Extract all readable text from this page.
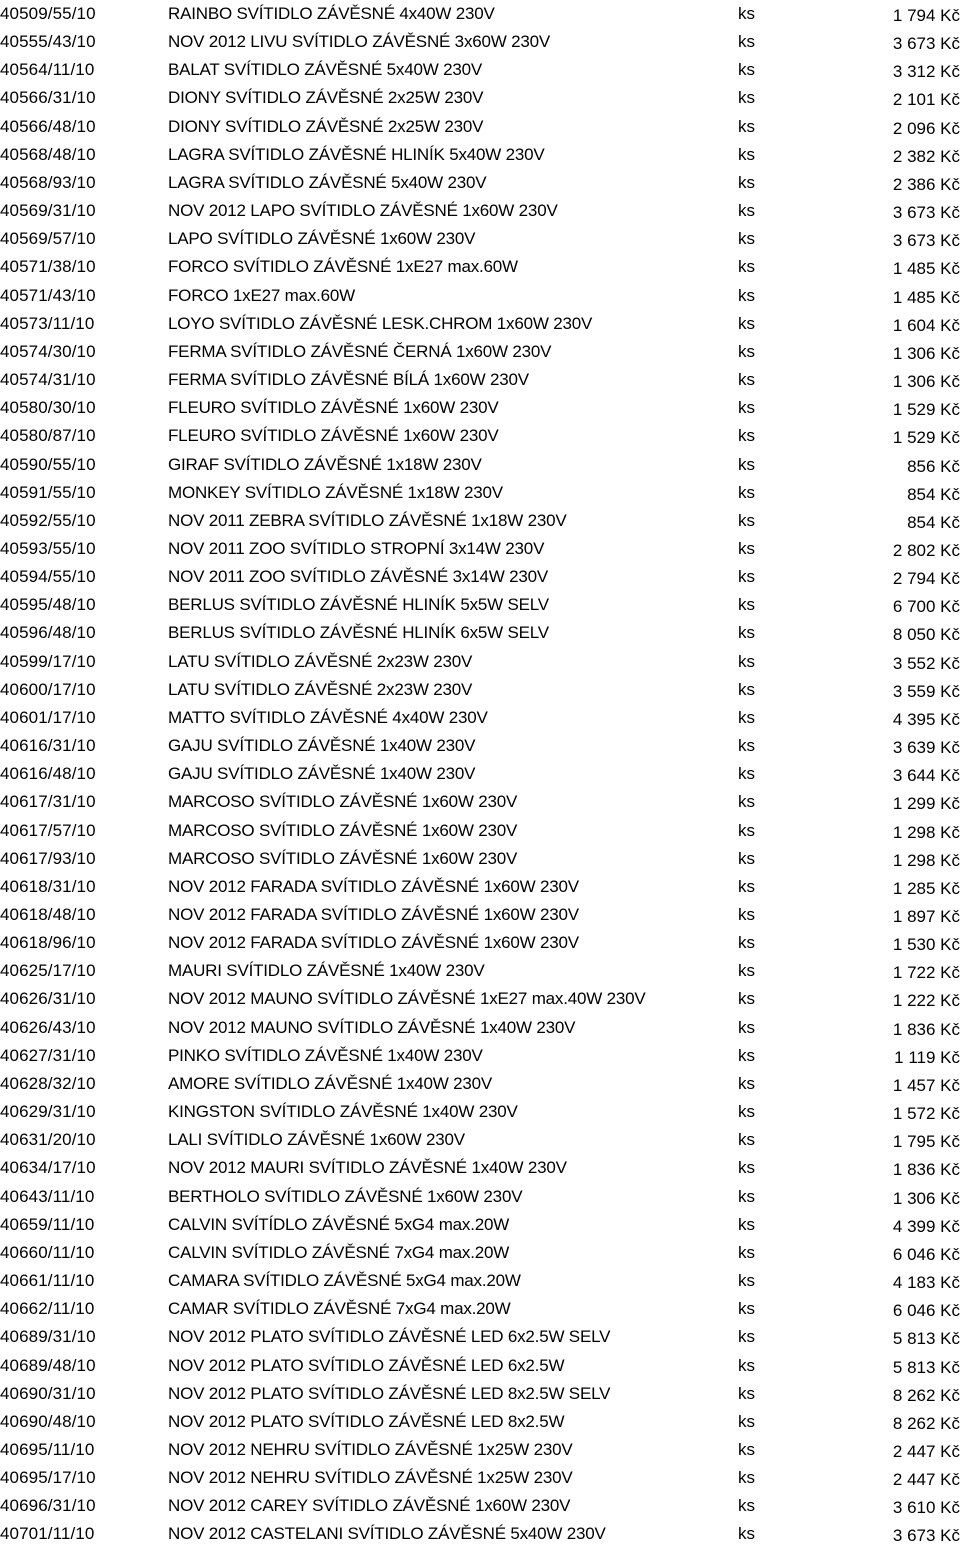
40509/55/10	RAINBO SVÍTIDLO ZÁVĚSNÉ 4x40W 230V	ks	1 794 Kč
40555/43/10	NOV 2012 LIVU SVÍTIDLO ZÁVĚSNÉ 3x60W 230V	ks	3 673 Kč
40564/11/10	BALAT SVÍTIDLO ZÁVĚSNÉ 5x40W 230V	ks	3 312 Kč
40566/31/10	DIONY SVÍTIDLO ZÁVĚSNÉ 2x25W 230V	ks	2 101 Kč
40566/48/10	DIONY SVÍTIDLO ZÁVĚSNÉ 2x25W 230V	ks	2 096 Kč
40568/48/10	LAGRA SVÍTIDLO ZÁVĚSNÉ HLINÍK 5x40W 230V	ks	2 382 Kč
40568/93/10	LAGRA SVÍTIDLO ZÁVĚSNÉ 5x40W 230V	ks	2 386 Kč
40569/31/10	NOV 2012 LAPO SVÍTIDLO ZÁVĚSNÉ 1x60W 230V	ks	3 673 Kč
40569/57/10	LAPO SVÍTIDLO ZÁVĚSNÉ 1x60W 230V	ks	3 673 Kč
40571/38/10	FORCO SVÍTIDLO ZÁVĚSNÉ 1xE27 max.60W	ks	1 485 Kč
40571/43/10	FORCO 1xE27 max.60W	ks	1 485 Kč
40573/11/10	LOYO SVÍTIDLO ZÁVĚSNÉ LESK.CHROM 1x60W 230V	ks	1 604 Kč
40574/30/10	FERMA SVÍTIDLO ZÁVĚSNÉ ČERNÁ 1x60W 230V	ks	1 306 Kč
40574/31/10	FERMA SVÍTIDLO ZÁVĚSNÉ BÍLÁ 1x60W 230V	ks	1 306 Kč
40580/30/10	FLEURO SVÍTIDLO ZÁVĚSNÉ 1x60W 230V	ks	1 529 Kč
40580/87/10	FLEURO SVÍTIDLO ZÁVĚSNÉ 1x60W 230V	ks	1 529 Kč
40590/55/10	GIRAF SVÍTIDLO ZÁVĚSNÉ 1x18W 230V	ks	856 Kč
40591/55/10	MONKEY SVÍTIDLO ZÁVĚSNÉ 1x18W 230V	ks	854 Kč
40592/55/10	NOV 2011 ZEBRA SVÍTIDLO ZÁVĚSNÉ 1x18W 230V	ks	854 Kč
40593/55/10	NOV 2011 ZOO SVÍTIDLO STROPNÍ 3x14W 230V	ks	2 802 Kč
40594/55/10	NOV 2011 ZOO SVÍTIDLO ZÁVĚSNÉ 3x14W 230V	ks	2 794 Kč
40595/48/10	BERLUS SVÍTIDLO ZÁVĚSNÉ HLINÍK 5x5W SELV	ks	6 700 Kč
40596/48/10	BERLUS SVÍTIDLO ZÁVĚSNÉ HLINÍK 6x5W SELV	ks	8 050 Kč
40599/17/10	LATU SVÍTIDLO ZÁVĚSNÉ 2x23W 230V	ks	3 552 Kč
40600/17/10	LATU SVÍTIDLO ZÁVĚSNÉ 2x23W 230V	ks	3 559 Kč
40601/17/10	MATTO SVÍTIDLO ZÁVĚSNÉ 4x40W 230V	ks	4 395 Kč
40616/31/10	GAJU SVÍTIDLO ZÁVĚSNÉ 1x40W 230V	ks	3 639 Kč
40616/48/10	GAJU SVÍTIDLO ZÁVĚSNÉ 1x40W 230V	ks	3 644 Kč
40617/31/10	MARCOSO SVÍTIDLO ZÁVĚSNÉ 1x60W 230V	ks	1 299 Kč
40617/57/10	MARCOSO SVÍTIDLO ZÁVĚSNÉ 1x60W 230V	ks	1 298 Kč
40617/93/10	MARCOSO SVÍTIDLO ZÁVĚSNÉ 1x60W 230V	ks	1 298 Kč
40618/31/10	NOV 2012 FARADA SVÍTIDLO ZÁVĚSNÉ 1x60W 230V	ks	1 285 Kč
40618/48/10	NOV 2012 FARADA SVÍTIDLO ZÁVĚSNÉ 1x60W 230V	ks	1 897 Kč
40618/96/10	NOV 2012 FARADA SVÍTIDLO ZÁVĚSNÉ 1x60W 230V	ks	1 530 Kč
40625/17/10	MAURI SVÍTIDLO ZÁVĚSNÉ 1x40W 230V	ks	1 722 Kč
40626/31/10	NOV 2012 MAUNO SVÍTIDLO ZÁVĚSNÉ 1xE27 max.40W 230V	ks	1 222 Kč
40626/43/10	NOV 2012 MAUNO SVÍTIDLO ZÁVĚSNÉ 1x40W 230V	ks	1 836 Kč
40627/31/10	PINKO SVÍTIDLO ZÁVĚSNÉ 1x40W 230V	ks	1 119 Kč
40628/32/10	AMORE SVÍTIDLO ZÁVĚSNÉ 1x40W 230V	ks	1 457 Kč
40629/31/10	KINGSTON SVÍTIDLO ZÁVĚSNÉ 1x40W 230V	ks	1 572 Kč
40631/20/10	LALI SVÍTIDLO ZÁVĚSNÉ 1x60W 230V	ks	1 795 Kč
40634/17/10	NOV 2012 MAURI SVÍTIDLO ZÁVĚSNÉ 1x40W 230V	ks	1 836 Kč
40643/11/10	BERTHOLO SVÍTIDLO ZÁVĚSNÉ 1x60W 230V	ks	1 306 Kč
40659/11/10	CALVIN SVÍTÍDLO ZÁVĚSNÉ 5xG4 max.20W	ks	4 399 Kč
40660/11/10	CALVIN SVÍTIDLO ZÁVĚSNÉ 7xG4 max.20W	ks	6 046 Kč
40661/11/10	CAMARA SVÍTIDLO ZÁVĚSNÉ 5xG4 max.20W	ks	4 183 Kč
40662/11/10	CAMAR SVÍTIDLO ZÁVĚSNÉ 7xG4 max.20W	ks	6 046 Kč
40689/31/10	NOV 2012 PLATO SVÍTIDLO ZÁVĚSNÉ LED 6x2.5W SELV	ks	5 813 Kč
40689/48/10	NOV 2012 PLATO SVÍTIDLO ZÁVĚSNÉ LED 6x2.5W	ks	5 813 Kč
40690/31/10	NOV 2012 PLATO SVÍTIDLO ZÁVĚSNÉ LED 8x2.5W SELV	ks	8 262 Kč
40690/48/10	NOV 2012 PLATO SVÍTIDLO ZÁVĚSNÉ LED 8x2.5W	ks	8 262 Kč
40695/11/10	NOV 2012 NEHRU SVÍTIDLO ZÁVĚSNÉ 1x25W 230V	ks	2 447 Kč
40695/17/10	NOV 2012 NEHRU SVÍTIDLO ZÁVĚSNÉ 1x25W 230V	ks	2 447 Kč
40696/31/10	NOV 2012 CAREY SVÍTIDLO ZÁVĚSNÉ 1x60W 230V	ks	3 610 Kč
40701/11/10	NOV 2012 CASTELANI SVÍTIDLO ZÁVĚSNÉ 5x40W 230V	ks	3 673 Kč
